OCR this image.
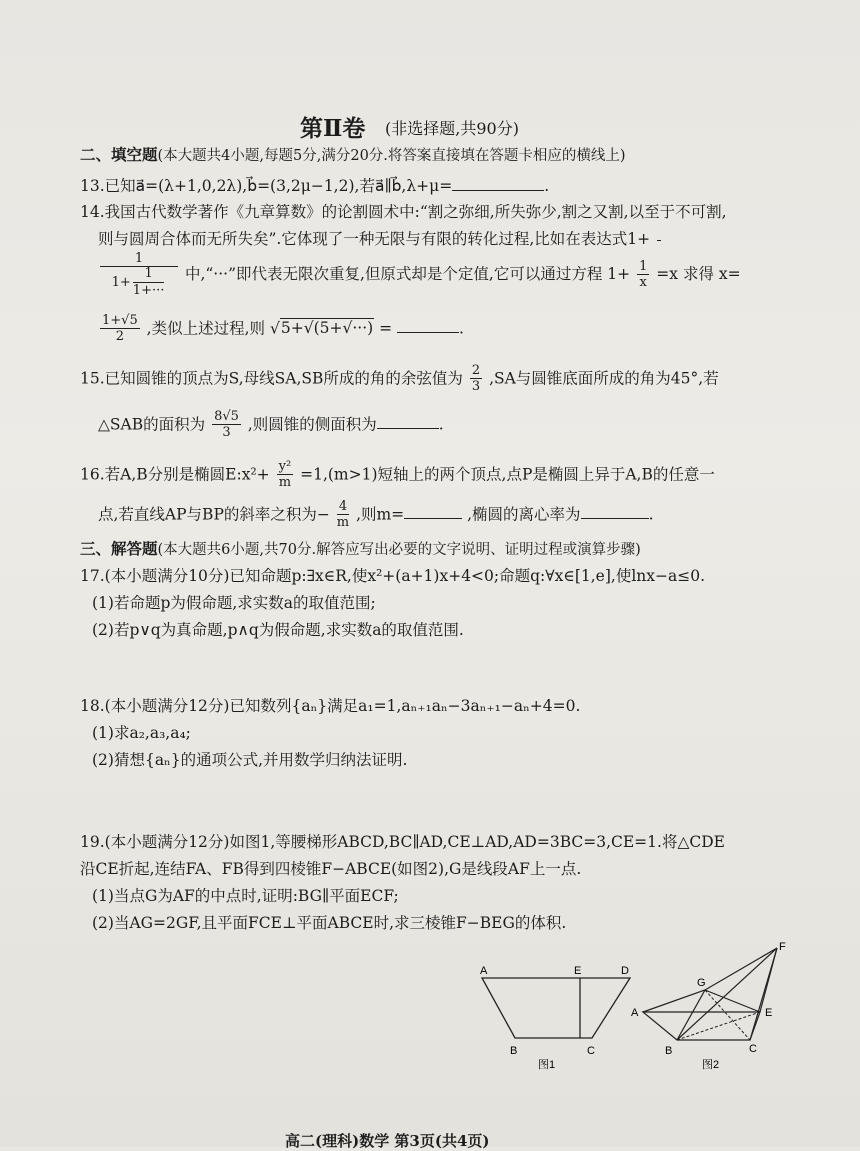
第Ⅱ卷 (非选择题,共90分)
二、填空题(本大题共4小题,每题5分,满分20分.将答案直接填在答题卡相应的横线上)
13.已知a⃗=(λ+1,0,2λ),b⃗=(3,2μ−1,2),若a⃗∥b⃗,λ+μ=	.
14.我国古代数学著作《九章算数》的论割圆术中:“割之弥细,所失弥少,割之又割,以至于不可割,
则与圆周合体而无所失矣”.它体现了一种无限与有限的转化过程,比如在表达式1+
$\frac{1}{1+ \frac{1}{1+\cdot\cdot\cdot}}$ 中,“···”即代表无限次重复,但原式却是个定值,它可以通过方程 $1+ \frac{1}{x} =x$ 求得 x=
$\frac{1+√5}{2}$ ,类似上述过程,则 √5+√(5+√···) =	.
15.已知圆锥的顶点为S,母线SA,SB所成的角的余弦值为 $\frac{2}{3} ,SA$与圆锥底面所成的角为45°,若
△SAB的面积为 $\frac{8√5}{3}$ ,则圆锥的侧面积为	.
16.若A,B分别是椭圆E:x²+ $\frac{\text{y²}}{m} =1,(m>1)$短轴上的两个顶点,点P是椭圆上异于A,B的任意一
点,若直线AP与BP的斜率之积为− $\frac{4}{m}$ ,则m=	,椭圆的离心率为	.
三、解答题(本大题共6小题,共70分.解答应写出必要的文字说明、证明过程或演算步骤)
17.(本小题满分10分)已知命题p:∃x∈R,使x²+(a+1)x+4<0;命题q:∀x∈[1,e],使lnx−a≤0.
(1)若命题p为假命题,求实数a的取值范围;
(2)若p∨q为真命题,p∧q为假命题,求实数a的取值范围.
18.(本小题满分12分)已知数列{aₙ}满足a₁=1,aₙ₊₁aₙ−3aₙ₊₁−aₙ+4=0.
(1)求a₂,a₃,a₄;
(2)猜想{aₙ}的通项公式,并用数学归纳法证明.
19.(本小题满分12分)如图1,等腰梯形ABCD,BC∥AD,CE⊥AD,AD=3BC=3,CE=1.将△CDE
沿CE折起,连结FA、FB得到四棱锥F−ABCE(如图2),G是线段AF上一点.
(1)当点G为AF的中点时,证明:BG∥平面ECF;
(2)当AG=2GF,且平面FCE⊥平面ABCE时,求三棱锥F−BEG的体积.
A	E	D
B	C
图1
F
G
A	E
B	C
图2
高二(理科)数学 第3页(共4页)
